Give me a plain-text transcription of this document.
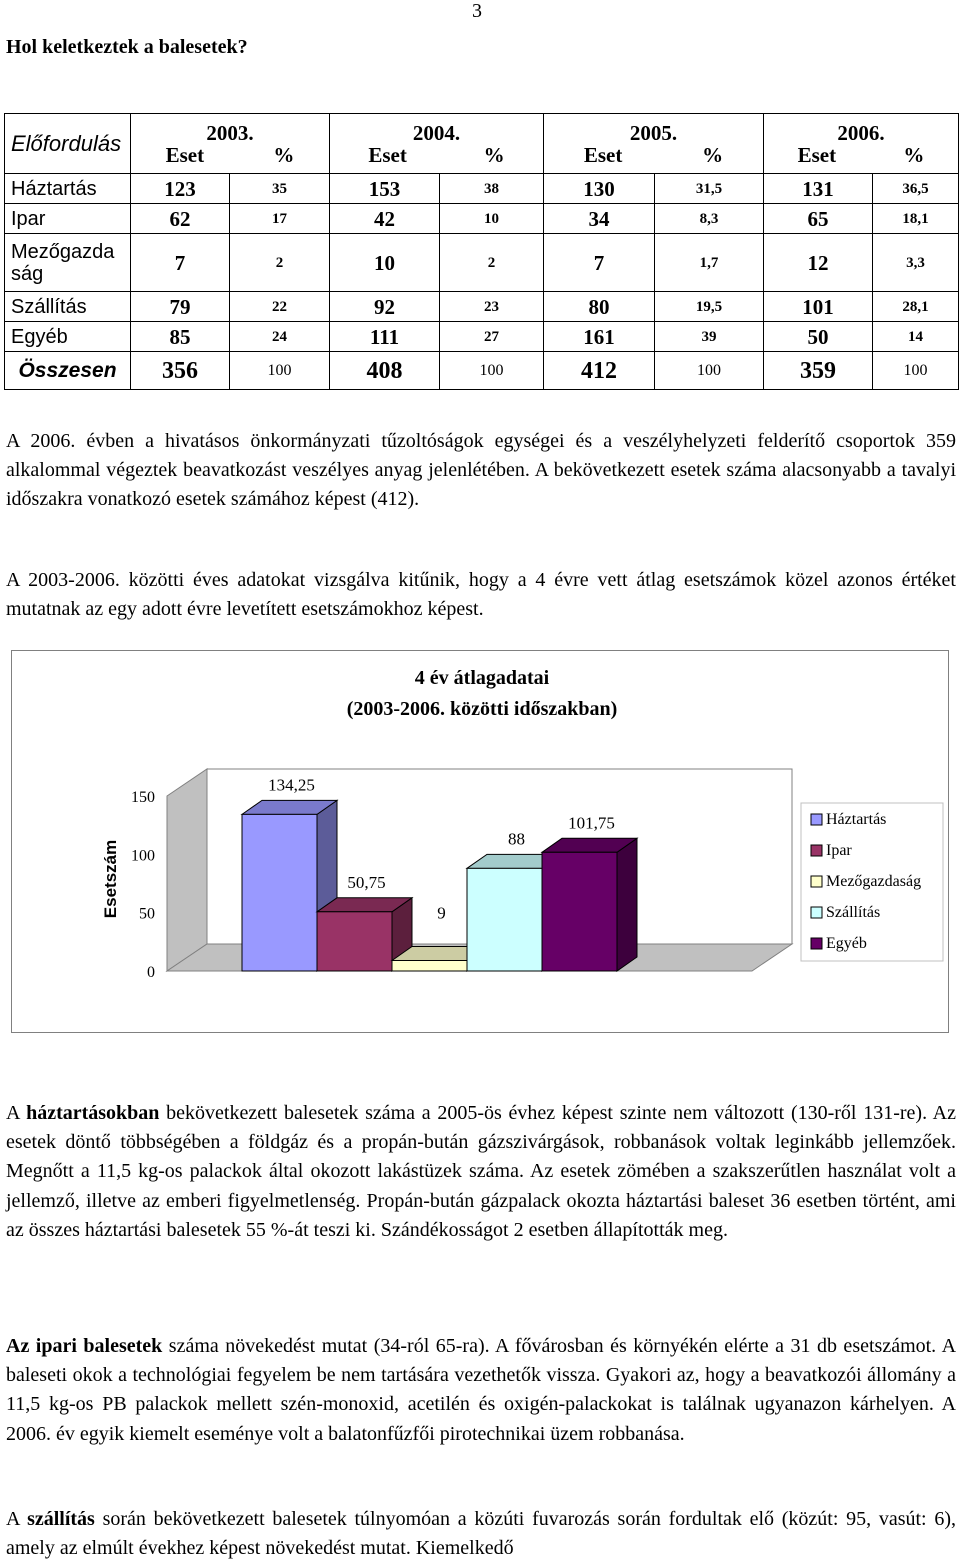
3
Hol keletkeztek a balesetek?
Előfordulás	2003.
Eset %		2004.
Eset %		2005.
Eset %		2006.
Eset %	

Háztartás	123	35	153	38	130	31,5	131	36,5
Ipar	62	17	42	10	34	8,3	65	18,1

Mezőgazda
ság	7	2	10	2	7	1,7	12	3,3
Szállítás	79	22	92	23	80	19,5	101	28,1
Egyéb	85	24	111	27	161	39	50	14
Összesen	356	100	408	100	412	100	359	100

A 2006. évben a hivatásos önkormányzati tűzoltóságok egységei és a veszélyhelyzeti felderítő csoportok 359 alkalommal végeztek beavatkozást veszélyes anyag jelenlétében. A bekövetkezett esetek száma alacsonyabb a tavalyi időszakra vonatkozó esetek számához képest (412).

A 2003-2006. közötti éves adatokat vizsgálva kitűnik, hogy a 4 évre vett átlag esetszámok közel azonos értéket mutatnak az egy adott évre levetített esetszámokhoz képest.

4 év átlagadatai
(2003-2006. közötti időszakban)
Esetszám
0
50
100
150
134,25
50,75
9
88
101,75	Háztartás
Ipar
Mezőgazdaság
Szállítás
Egyéb

A háztartásokban bekövetkezett balesetek száma a 2005-ös évhez képest szinte nem változott (130-ről 131-re). Az esetek döntő többségében a földgáz és a propán-bután gázszivárgások, robbanások voltak leginkább jellemzőek. Megnőtt a 11,5 kg-os palackok által okozott lakástüzek száma. Az esetek zömében a szakszerűtlen használat volt a jellemző, illetve az emberi figyelmetlenség. Propán-bután gázpalack okozta háztartási baleset 36 esetben történt, ami az összes háztartási balesetek 55 %-át teszi ki. Szándékosságot 2 esetben állapították meg.

Az ipari balesetek száma növekedést mutat (34-ról 65-ra). A fővárosban és környékén elérte a 31 db esetszámot. A baleseti okok a technológiai fegyelem be nem tartására vezethetők vissza. Gyakori az, hogy a beavatkozói állomány a 11,5 kg-os PB palackok mellett szén-monoxid, acetilén és oxigén-palackokat is találnak ugyanazon kárhelyen. A 2006. év egyik kiemelt eseménye volt a balatonfűzfői pirotechnikai üzem robbanása.

A szállítás során bekövetkezett balesetek túlnyomóan a közúti fuvarozás során fordultak elő (közút: 95, vasút: 6), amely az elmúlt évekhez képest növekedést mutat. Kiemelkedő
